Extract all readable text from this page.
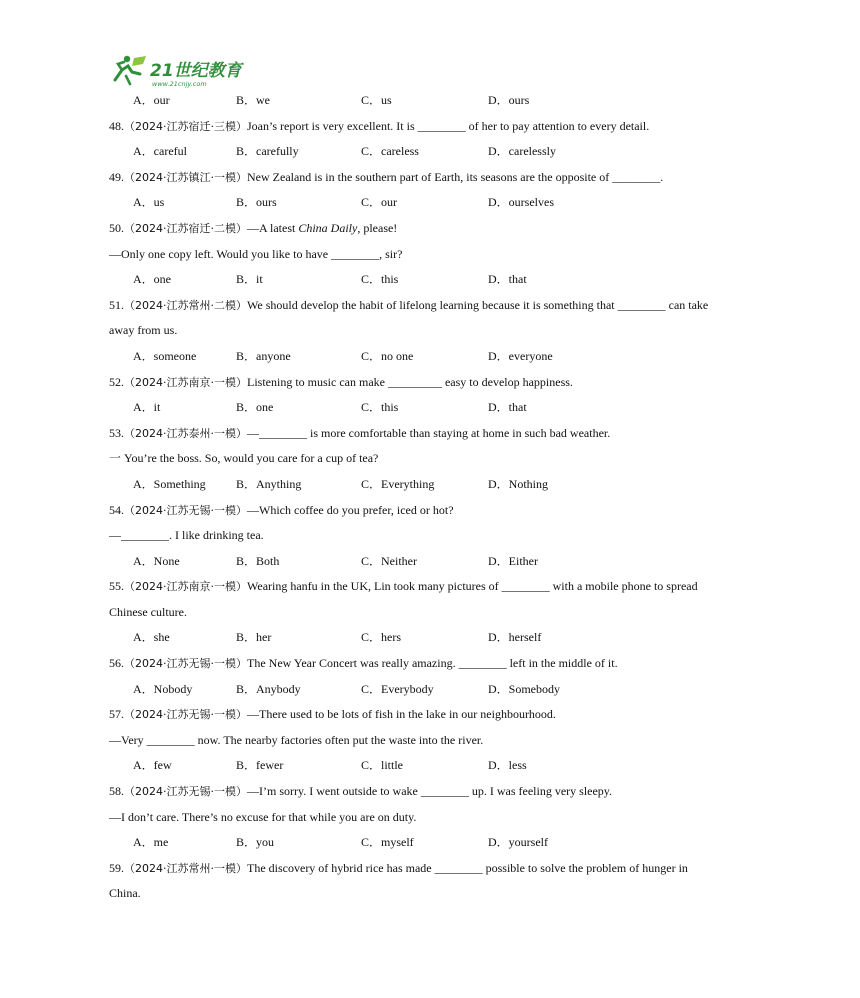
21世纪教育
www.21cnjy.com
A．our	B．we	C．us	D．ours
48.（2024·江苏宿迁·三模）Joan’s report is very excellent. It is ________ of her to pay attention to every detail.
A．careful	B．carefully	C．careless	D．carelessly
49.（2024·江苏镇江·一模）New Zealand is in the southern part of Earth, its seasons are the opposite of ________.
A．us	B．ours	C．our	D．ourselves
50.（2024·江苏宿迁·二模）—A latest China Daily, please!
—Only one copy left. Would you like to have ________, sir?
A．one	B．it	C．this	D．that
51.（2024·江苏常州·二模）We should develop the habit of lifelong learning because it is something that ________ can take
away from us.
A．someone	B．anyone	C．no one	D．everyone
52.（2024·江苏南京·一模）Listening to music can make _________ easy to develop happiness.
A．it	B．one	C．this	D．that
53.（2024·江苏泰州·一模）—________ is more comfortable than staying at home in such bad weather.
一 You’re the boss. So, would you care for a cup of tea?
A．Something	B．Anything	C．Everything	D．Nothing
54.（2024·江苏无锡·一模）—Which coffee do you prefer, iced or hot?
—________. I like drinking tea.
A．None	B．Both	C．Neither	D．Either
55.（2024·江苏南京·一模）Wearing hanfu in the UK, Lin took many pictures of ________ with a mobile phone to spread
Chinese culture.
A．she	B．her	C．hers	D．herself
56.（2024·江苏无锡·一模）The New Year Concert was really amazing. ________ left in the middle of it.
A．Nobody	B．Anybody	C．Everybody	D．Somebody
57.（2024·江苏无锡·一模）—There used to be lots of fish in the lake in our neighbourhood.
—Very ________ now. The nearby factories often put the waste into the river.
A．few	B．fewer	C．little	D．less
58.（2024·江苏无锡·一模）—I’m sorry. I went outside to wake ________ up. I was feeling very sleepy.
—I don’t care. There’s no excuse for that while you are on duty.
A．me	B．you	C．myself	D．yourself
59.（2024·江苏常州·一模）The discovery of hybrid rice has made ________ possible to solve the problem of hunger in
China.
